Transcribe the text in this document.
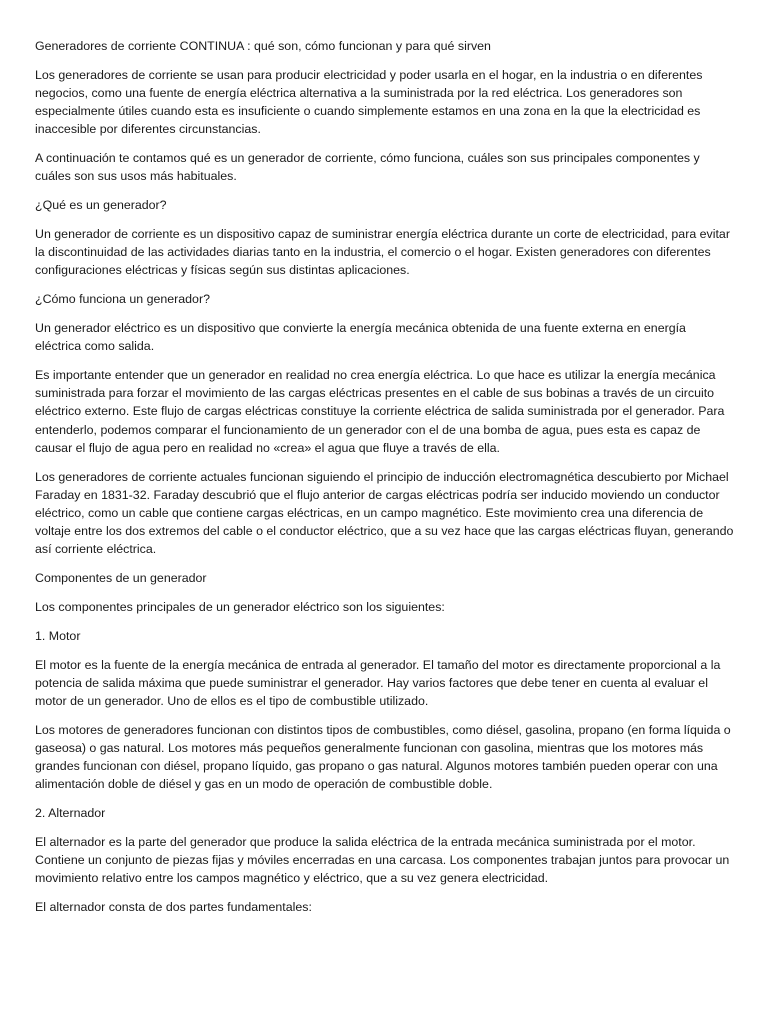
Generadores de corriente CONTINUA : qué son, cómo funcionan y para qué sirven

Los generadores de corriente se usan para producir electricidad y poder usarla en el hogar, en la industria o en diferentes negocios, como una fuente de energía eléctrica alternativa a la suministrada por la red eléctrica. Los generadores son especialmente útiles cuando esta es insuficiente o cuando simplemente estamos en una zona en la que la electricidad es inaccesible por diferentes circunstancias.

A continuación te contamos qué es un generador de corriente, cómo funciona, cuáles son sus principales componentes y cuáles son sus usos más habituales.

¿Qué es un generador?

Un generador de corriente es un dispositivo capaz de suministrar energía eléctrica durante un corte de electricidad, para evitar la discontinuidad de las actividades diarias tanto en la industria, el comercio o el hogar. Existen generadores con diferentes configuraciones eléctricas y físicas según sus distintas aplicaciones.

¿Cómo funciona un generador?

Un generador eléctrico es un dispositivo que convierte la energía mecánica obtenida de una fuente externa en energía eléctrica como salida.

Es importante entender que un generador en realidad no crea energía eléctrica. Lo que hace es utilizar la energía mecánica suministrada para forzar el movimiento de las cargas eléctricas presentes en el cable de sus bobinas a través de un circuito eléctrico externo. Este flujo de cargas eléctricas constituye la corriente eléctrica de salida suministrada por el generador. Para entenderlo, podemos comparar el funcionamiento de un generador con el de una bomba de agua, pues esta es capaz de causar el flujo de agua pero en realidad no «crea» el agua que fluye a través de ella.

Los generadores de corriente actuales funcionan siguiendo el principio de inducción electromagnética descubierto por Michael Faraday en 1831-32. Faraday descubrió que el flujo anterior de cargas eléctricas podría ser inducido moviendo un conductor eléctrico, como un cable que contiene cargas eléctricas, en un campo magnético. Este movimiento crea una diferencia de voltaje entre los dos extremos del cable o el conductor eléctrico, que a su vez hace que las cargas eléctricas fluyan, generando así corriente eléctrica.

Componentes de un generador

Los componentes principales de un generador eléctrico son los siguientes:

1. Motor

El motor es la fuente de la energía mecánica de entrada al generador. El tamaño del motor es directamente proporcional a la potencia de salida máxima que puede suministrar el generador. Hay varios factores que debe tener en cuenta al evaluar el motor de un generador. Uno de ellos es el tipo de combustible utilizado.

Los motores de generadores funcionan con distintos tipos de combustibles, como diésel, gasolina, propano (en forma líquida o gaseosa) o gas natural. Los motores más pequeños generalmente funcionan con gasolina, mientras que los motores más grandes funcionan con diésel, propano líquido, gas propano o gas natural. Algunos motores también pueden operar con una alimentación doble de diésel y gas en un modo de operación de combustible doble.

2. Alternador

El alternador es la parte del generador que produce la salida eléctrica de la entrada mecánica suministrada por el motor. Contiene un conjunto de piezas fijas y móviles encerradas en una carcasa. Los componentes trabajan juntos para provocar un movimiento relativo entre los campos magnético y eléctrico, que a su vez genera electricidad.

El alternador consta de dos partes fundamentales:
